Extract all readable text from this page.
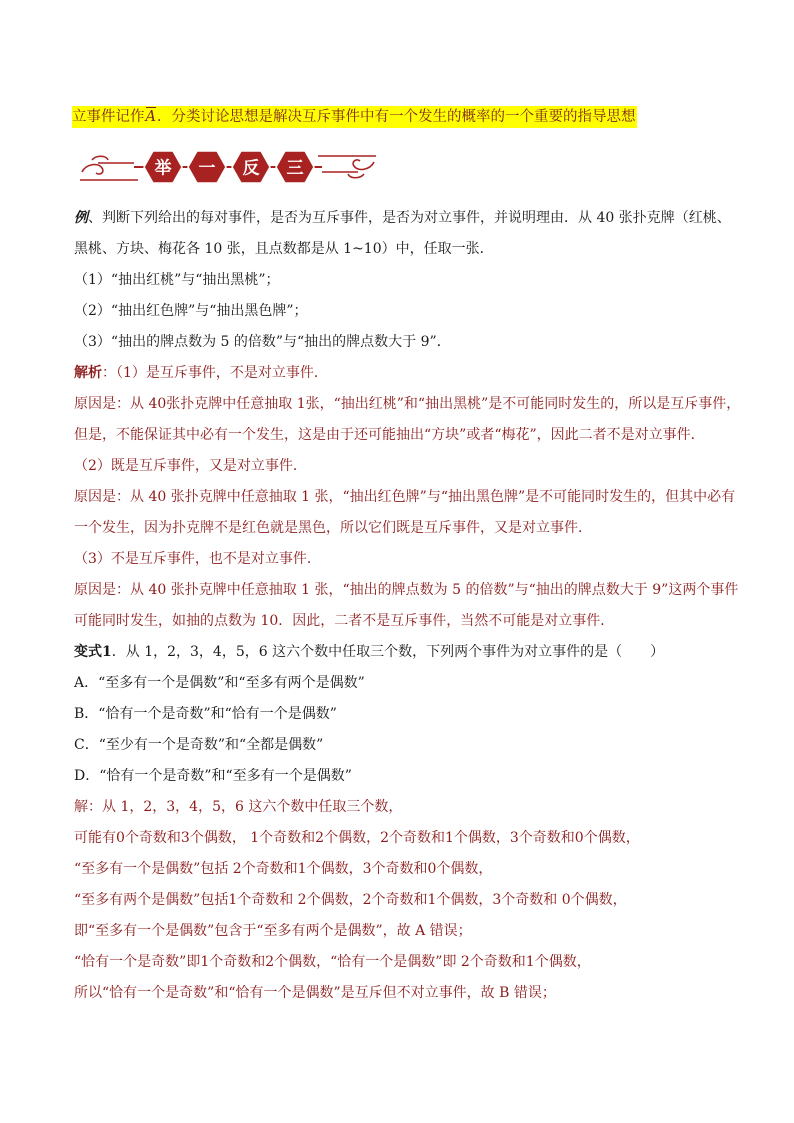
立事件记作A．分类讨论思想是解决互斥事件中有一个发生的概率的一个重要的指导思想
举 一 反 三
例、判断下列给出的每对事件，是否为互斥事件，是否为对立事件，并说明理由．从 40 张扑克牌（红桃、
黑桃、方块、梅花各 10 张，且点数都是从 1~10）中，任取一张．
（1）“抽出红桃”与“抽出黑桃”；
（2）“抽出红色牌”与“抽出黑色牌”；
（3）“抽出的牌点数为 5 的倍数”与“抽出的牌点数大于 9”．
解析：（1）是互斥事件，不是对立事件．
原因是：从 40张扑克牌中任意抽取 1张，“抽出红桃”和“抽出黑桃”是不可能同时发生的，所以是互斥事件，
但是，不能保证其中必有一个发生，这是由于还可能抽出“方块”或者“梅花”，因此二者不是对立事件．
（2）既是互斥事件，又是对立事件．
原因是：从 40 张扑克牌中任意抽取 1 张，“抽出红色牌”与“抽出黑色牌”是不可能同时发生的，但其中必有
一个发生，因为扑克牌不是红色就是黑色，所以它们既是互斥事件，又是对立事件．
（3）不是互斥事件，也不是对立事件．
原因是：从 40 张扑克牌中任意抽取 1 张，“抽出的牌点数为 5 的倍数”与“抽出的牌点数大于 9”这两个事件
可能同时发生，如抽的点数为 10．因此，二者不是互斥事件，当然不可能是对立事件．
变式1．从 1，2，3，4，5，6 这六个数中任取三个数，下列两个事件为对立事件的是（　　）
A．“至多有一个是偶数”和“至多有两个是偶数”
B．“恰有一个是奇数”和“恰有一个是偶数”
C．“至少有一个是奇数”和“全都是偶数”
D．“恰有一个是奇数”和“至多有一个是偶数”
解：从 1，2，3，4，5，6 这六个数中任取三个数，
可能有0个奇数和3个偶数， 1个奇数和2个偶数，2个奇数和1个偶数，3个奇数和0个偶数，
“至多有一个是偶数”包括 2个奇数和1个偶数，3个奇数和0个偶数，
“至多有两个是偶数”包括1个奇数和 2个偶数，2个奇数和1个偶数，3个奇数和 0个偶数，
即“至多有一个是偶数”包含于“至多有两个是偶数”，故 A 错误；
“恰有一个是奇数”即1个奇数和2个偶数，“恰有一个是偶数”即 2个奇数和1个偶数，
所以“恰有一个是奇数”和“恰有一个是偶数”是互斥但不对立事件，故 B 错误；
